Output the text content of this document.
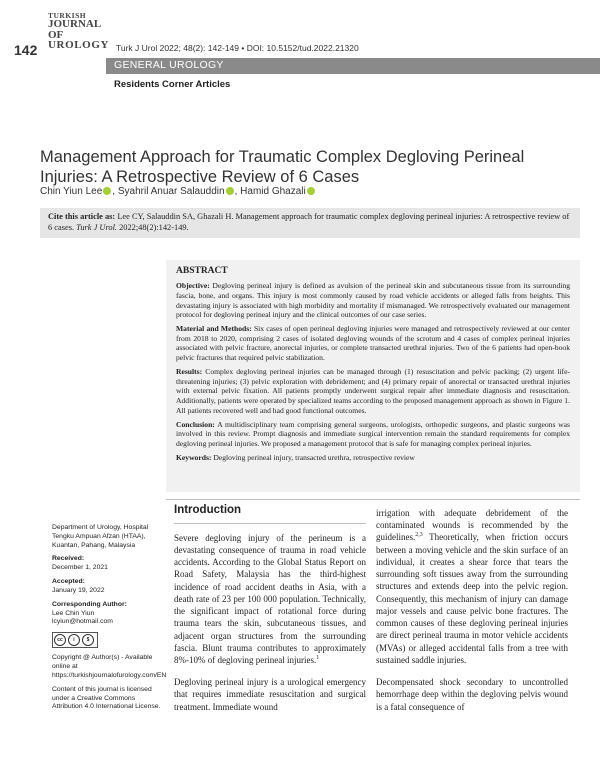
142
TURKISH
JOURNAL OF
UROLOGY Turk J Urol 2022; 48(2): 142-149 • DOI: 10.5152/tud.2022.21320
GENERAL UROLOGY
Residents Corner Articles
Management Approach for Traumatic Complex Degloving Perineal Injuries: A Retrospective Review of 6 Cases
Chin Yiun Lee , Syahril Anuar Salauddin , Hamid Ghazali
Cite this article as: Lee CY, Salauddin SA, Ghazali H. Management approach for traumatic complex degloving perineal injuries: A retrospective review of 6 cases. Turk J Urol. 2022;48(2):142-149.
ABSTRACT

Objective: Degloving perineal injury is defined as avulsion of the perineal skin and subcutaneous tissue from its surrounding fascia, bone, and organs. This injury is most commonly caused by road vehicle accidents or alleged falls from heights. This devastating injury is associated with high morbidity and mortality if mismanaged. We retrospectively evaluated our management protocol for degloving perineal injury and the clinical outcomes of our case series.

Material and Methods: Six cases of open perineal degloving injuries were managed and retrospectively reviewed at our center from 2018 to 2020, comprising 2 cases of isolated degloving wounds of the scrotum and 4 cases of complex perineal injuries associated with pelvic fracture, anorectal injuries, or complete transacted urethral injuries. Two of the 6 patients had open-book pelvic fractures that required pelvic stabilization.

Results: Complex degloving perineal injuries can be managed through (1) resuscitation and pelvic packing; (2) urgent life-threatening injuries; (3) pelvic exploration with debridement; and (4) primary repair of anorectal or transacted urethral injuries with external pelvic fixation. All patients promptly underwent surgical repair after immediate diagnosis and resuscitation. Additionally, patients were operated by specialized teams according to the proposed management approach as shown in Figure 1. All patients recovered well and had good functional outcomes.

Conclusion: A multidisciplinary team comprising general surgeons, urologists, orthopedic surgeons, and plastic surgeons was involved in this review. Prompt diagnosis and immediate surgical intervention remain the standard requirements for complex degloving perineal injuries. We proposed a management protocol that is safe for managing complex perineal injuries.

Keywords: Degloving perineal injury, transacted urethra, retrospective review

Department of Urology, Hospital Tengku Ampuan Afzan (HTAA), Kuantan, Pahang, Malaysia
Received:
December 1, 2021
Accepted:
January 19, 2022
Corresponding Author:
Lee Chin Yiun
lcyiun@hotmail.com
cc	i	$
Copyright @ Author(s) - Available online at https://turkishjournalofurology.com/EN
Content of this journal is licensed under a Creative Commons Attribution 4.0 International License.
Introduction

Severe degloving injury of the perineum is a devastating consequence of trauma in road vehicle accidents. According to the Global Status Report on Road Safety, Malaysia has the third-highest incidence of road accident deaths in Asia, with a death rate of 23 per 100 000 population. Technically, the significant impact of rotational force during trauma tears the skin, subcutaneous tissues, and adjacent organ structures from the surrounding fascia. Blunt trauma contributes to approximately 8%-10% of degloving perineal injuries.$^1$

Degloving perineal injury is a urological emergency that requires immediate resuscitation and surgical treatment. Immediate wound

irrigation with adequate debridement of the contaminated wounds is recommended by the guidelines.$^{2,3}$ Theoretically, when friction occurs between a moving vehicle and the skin surface of an individual, it creates a shear force that tears the surrounding soft tissues away from the surrounding structures and extends deep into the pelvic region. Consequently, this mechanism of injury can damage major vessels and cause pelvic bone fractures. The common causes of these degloving perineal injuries are direct perineal trauma in motor vehicle accidents (MVAs) or alleged accidental falls from a tree with sustained saddle injuries.

Decompensated shock secondary to uncontrolled hemorrhage deep within the degloving pelvis wound is a fatal consequence of
